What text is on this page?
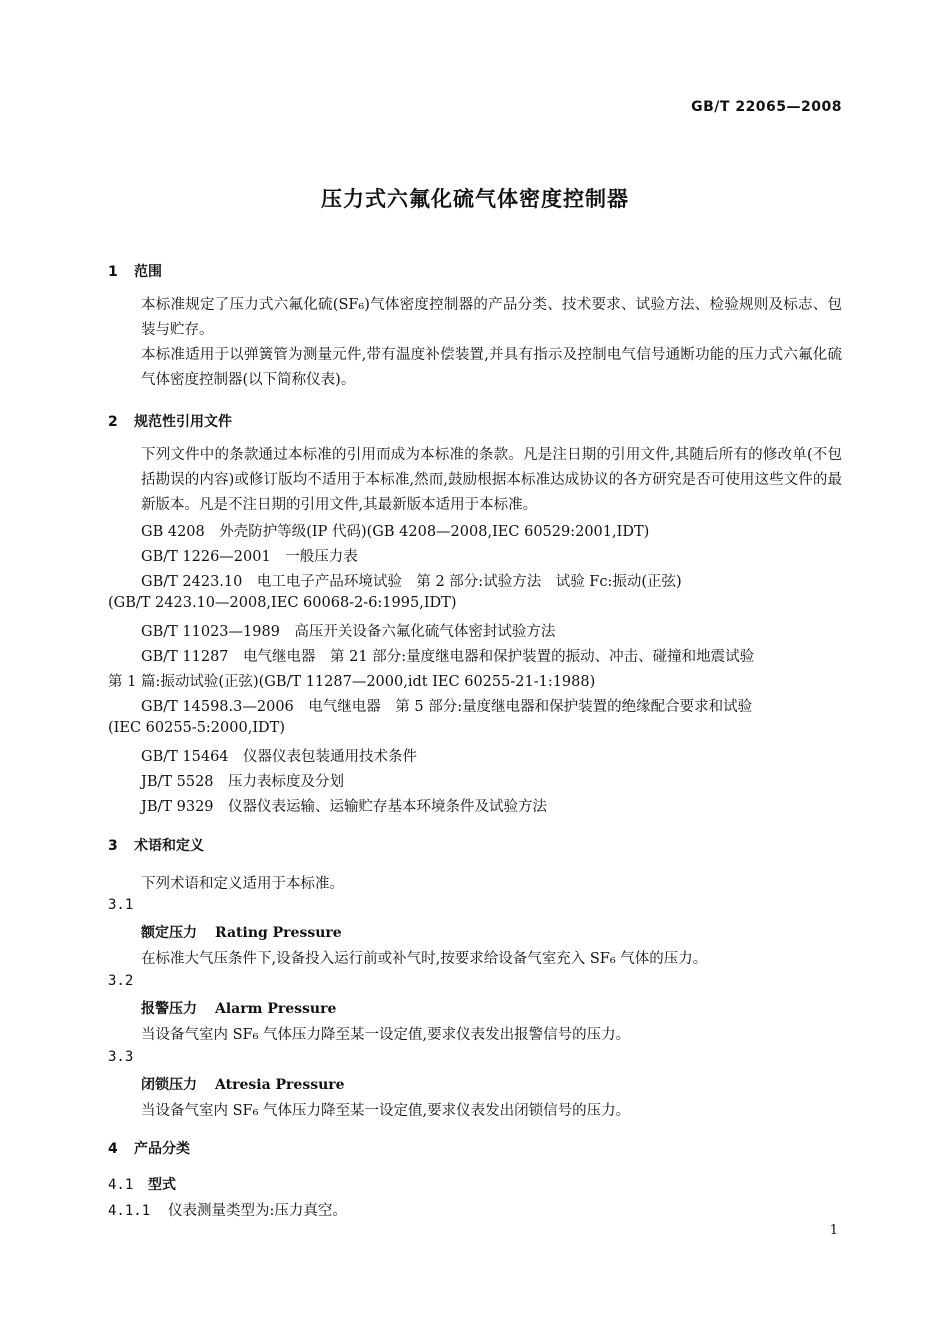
GB/T 22065—2008
压力式六氟化硫气体密度控制器
1 范围
本标准规定了压力式六氟化硫(SF₆)气体密度控制器的产品分类、技术要求、试验方法、检验规则及标志、包装与贮存。
本标准适用于以弹簧管为测量元件,带有温度补偿装置,并具有指示及控制电气信号通断功能的压力式六氟化硫气体密度控制器(以下简称仪表)。
2 规范性引用文件
下列文件中的条款通过本标准的引用而成为本标准的条款。凡是注日期的引用文件,其随后所有的修改单(不包括勘误的内容)或修订版均不适用于本标准,然而,鼓励根据本标准达成协议的各方研究是否可使用这些文件的最新版本。凡是不注日期的引用文件,其最新版本适用于本标准。
GB 4208　外壳防护等级(IP 代码)(GB 4208—2008,IEC 60529:2001,IDT)
GB/T 1226—2001　一般压力表
GB/T 2423.10　电工电子产品环境试验　第 2 部分:试验方法　试验 Fc:振动(正弦)
(GB/T 2423.10—2008,IEC 60068-2-6:1995,IDT)
GB/T 11023—1989　高压开关设备六氟化硫气体密封试验方法
GB/T 11287　电气继电器　第 21 部分:量度继电器和保护装置的振动、冲击、碰撞和地震试验
第 1 篇:振动试验(正弦)(GB/T 11287—2000,idt IEC 60255-21-1:1988)
GB/T 14598.3—2006　电气继电器　第 5 部分:量度继电器和保护装置的绝缘配合要求和试验
(IEC 60255-5:2000,IDT)
GB/T 15464　仪器仪表包装通用技术条件
JB/T 5528　压力表标度及分划
JB/T 9329　仪器仪表运输、运输贮存基本环境条件及试验方法
3 术语和定义
下列术语和定义适用于本标准。
3.1
额定压力 Rating Pressure
在标准大气压条件下,设备投入运行前或补气时,按要求给设备气室充入 SF₆ 气体的压力。
3.2
报警压力 Alarm Pressure
当设备气室内 SF₆ 气体压力降至某一设定值,要求仪表发出报警信号的压力。
3.3
闭锁压力 Atresia Pressure
当设备气室内 SF₆ 气体压力降至某一设定值,要求仪表发出闭锁信号的压力。
4 产品分类
4.1 型式
4.1.1 仪表测量类型为:压力真空。
1
